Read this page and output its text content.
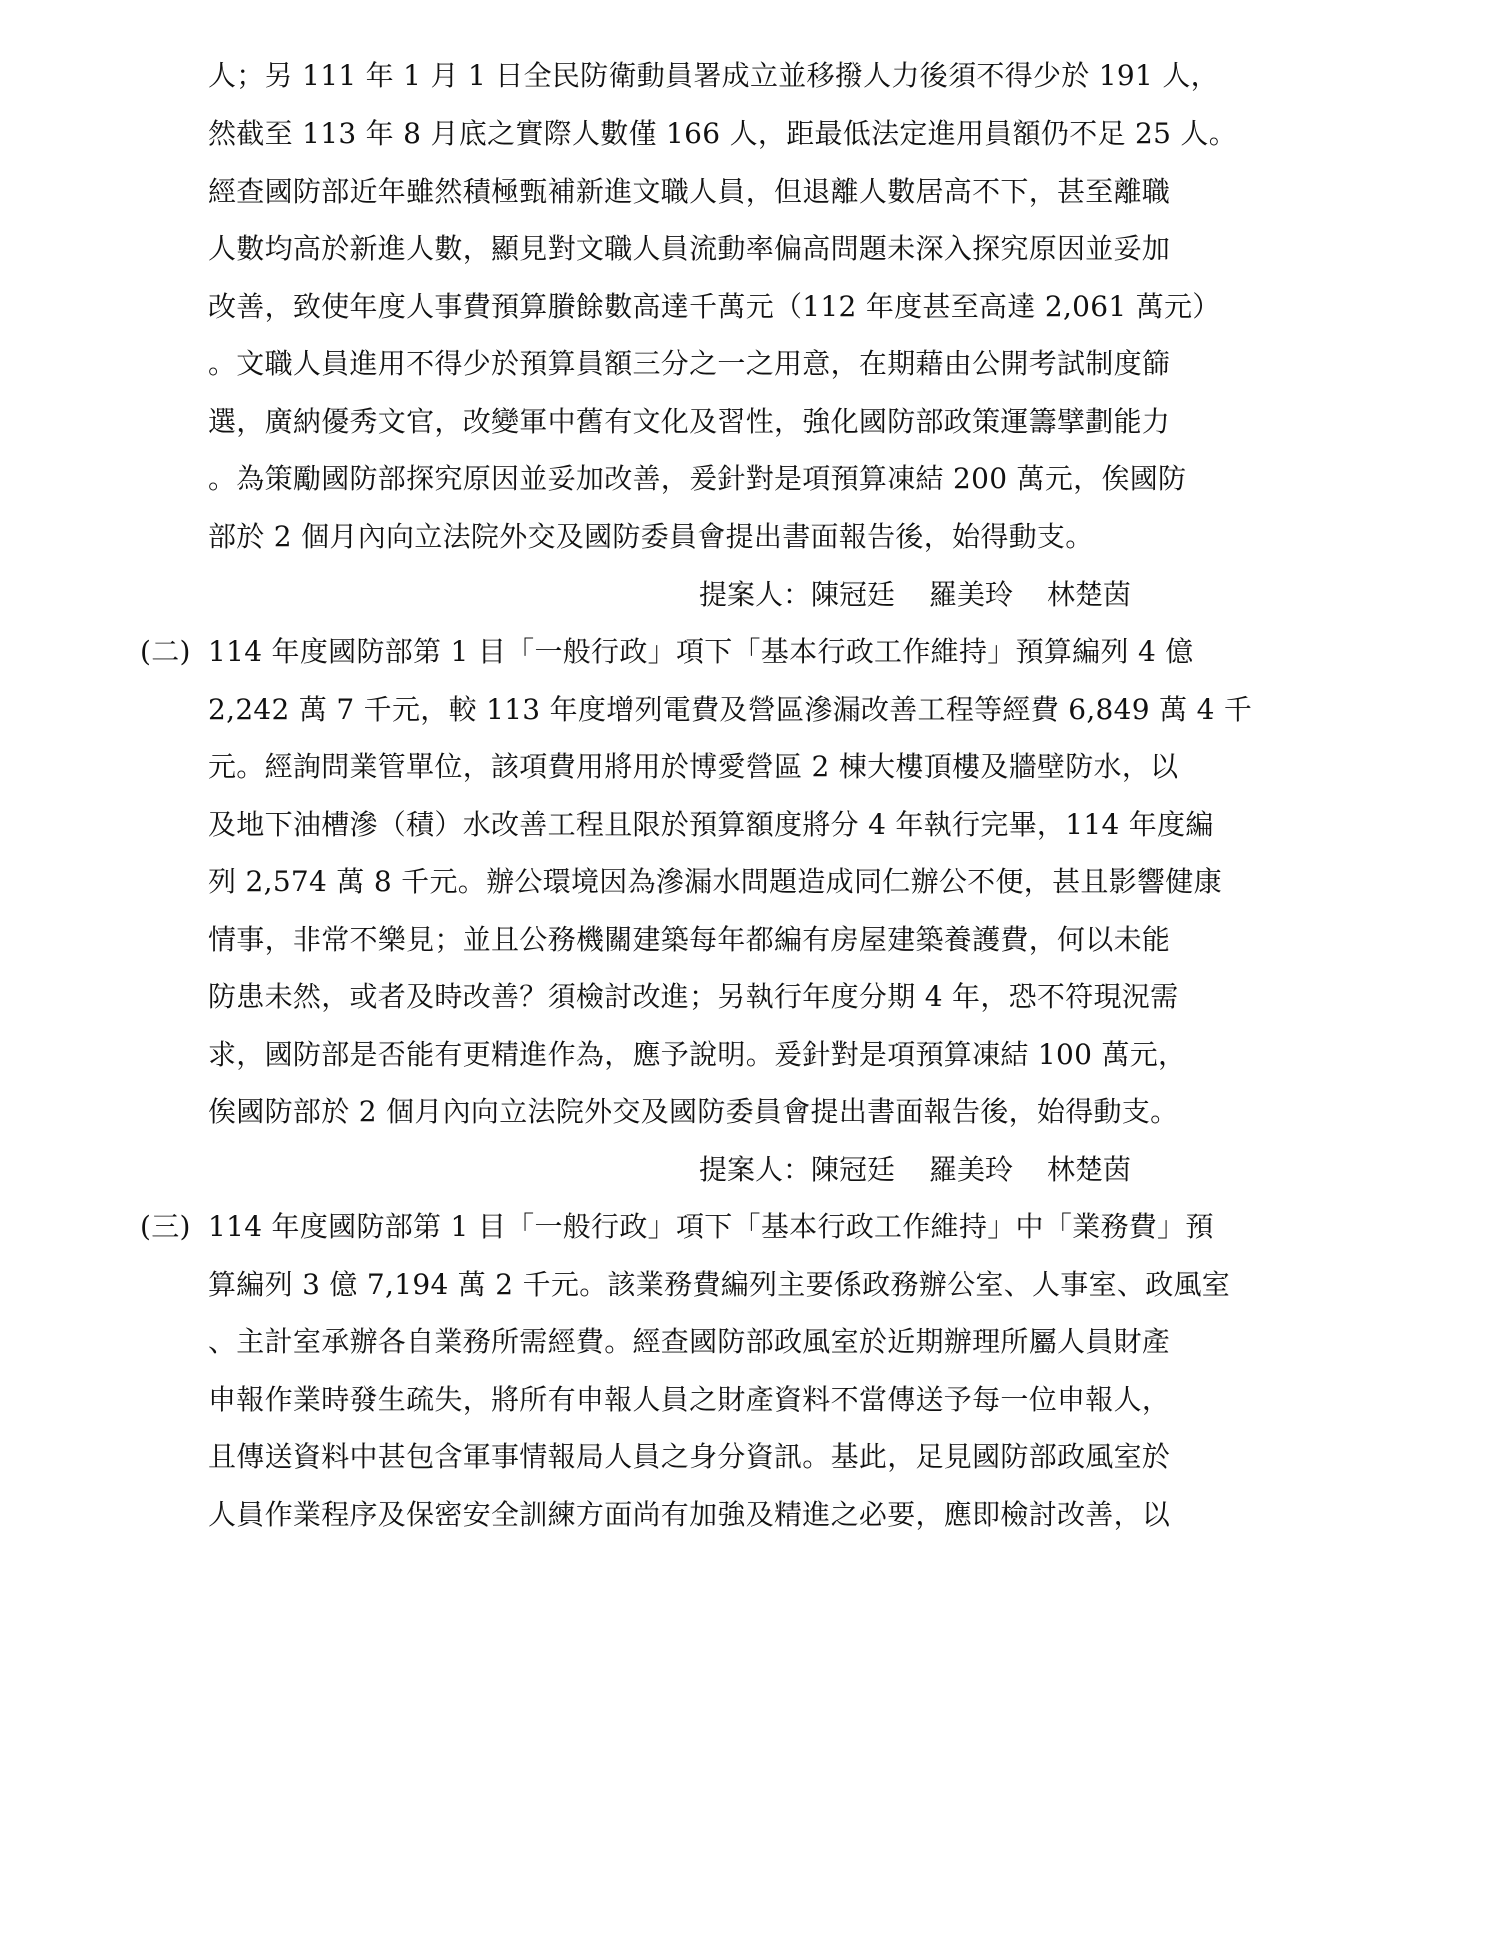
人；另 111 年 1 月 1 日全民防衛動員署成立並移撥人力後須不得少於 191 人，

然截至 113 年 8 月底之實際人數僅 166 人，距最低法定進用員額仍不足 25 人。

經查國防部近年雖然積極甄補新進文職人員，但退離人數居高不下，甚至離職

人數均高於新進人數，顯見對文職人員流動率偏高問題未深入探究原因並妥加

改善，致使年度人事費預算賸餘數高達千萬元（112 年度甚至高達 2,061 萬元）

。文職人員進用不得少於預算員額三分之一之用意，在期藉由公開考試制度篩

選，廣納優秀文官，改變軍中舊有文化及習性，強化國防部政策運籌擘劃能力

。為策勵國防部探究原因並妥加改善，爰針對是項預算凍結 200 萬元，俟國防

部於 2 個月內向立法院外交及國防委員會提出書面報告後，始得動支。

提案人：陳冠廷 羅美玲 林楚茵

(二) 114 年度國防部第 1 目「一般行政」項下「基本行政工作維持」預算編列 4 億

2,242 萬 7 千元，較 113 年度增列電費及營區滲漏改善工程等經費 6,849 萬 4 千

元。經詢問業管單位，該項費用將用於博愛營區 2 棟大樓頂樓及牆壁防水，以

及地下油槽滲（積）水改善工程且限於預算額度將分 4 年執行完畢，114 年度編

列 2,574 萬 8 千元。辦公環境因為滲漏水問題造成同仁辦公不便，甚且影響健康

情事，非常不樂見；並且公務機關建築每年都編有房屋建築養護費，何以未能

防患未然，或者及時改善？須檢討改進；另執行年度分期 4 年，恐不符現況需

求，國防部是否能有更精進作為，應予說明。爰針對是項預算凍結 100 萬元，

俟國防部於 2 個月內向立法院外交及國防委員會提出書面報告後，始得動支。

提案人：陳冠廷 羅美玲 林楚茵

(三) 114 年度國防部第 1 目「一般行政」項下「基本行政工作維持」中「業務費」預

算編列 3 億 7,194 萬 2 千元。該業務費編列主要係政務辦公室、人事室、政風室

、主計室承辦各自業務所需經費。經查國防部政風室於近期辦理所屬人員財產

申報作業時發生疏失，將所有申報人員之財產資料不當傳送予每一位申報人，

且傳送資料中甚包含軍事情報局人員之身分資訊。基此，足見國防部政風室於

人員作業程序及保密安全訓練方面尚有加強及精進之必要，應即檢討改善，以
